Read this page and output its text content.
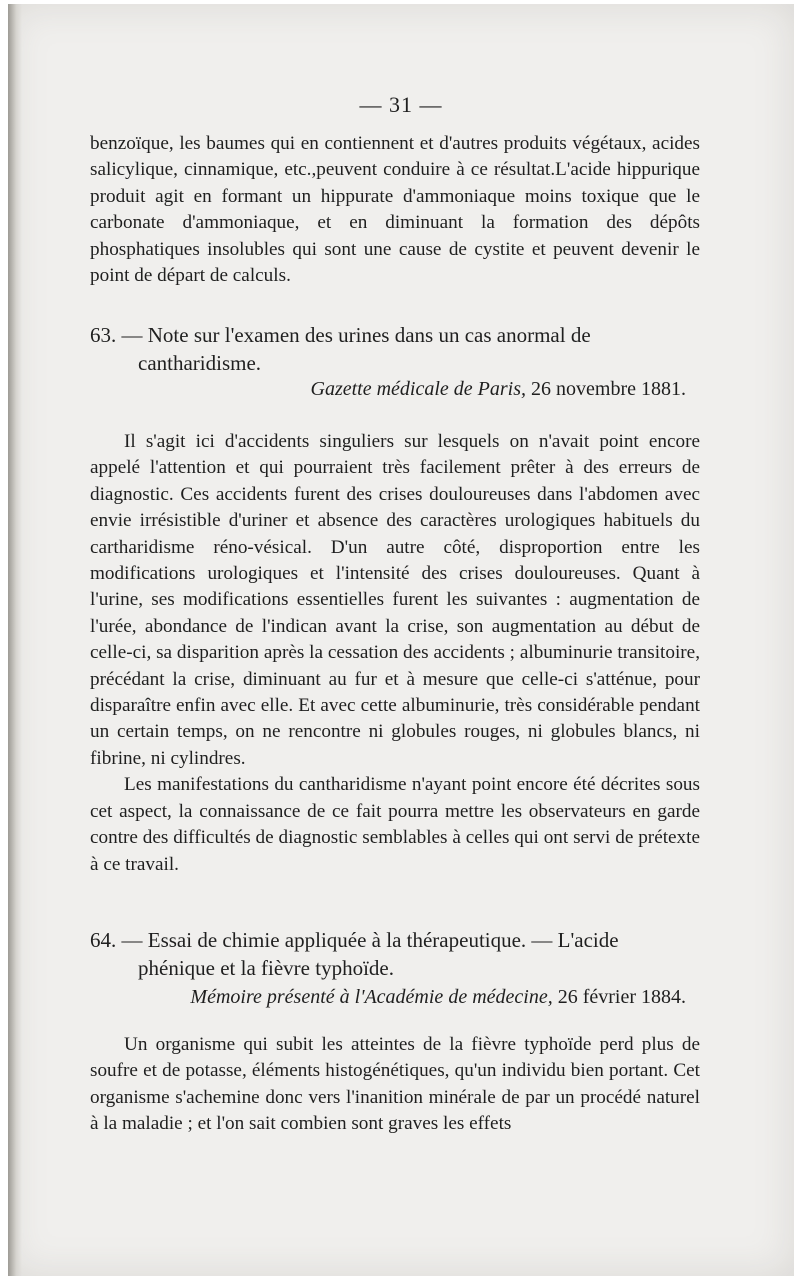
— 31 —

benzoïque, les baumes qui en contiennent et d'autres produits végétaux, acides salicylique, cinnamique, etc.,peuvent conduire à ce résultat.L'acide hippurique produit agit en formant un hippurate d'ammoniaque moins toxique que le carbonate d'ammoniaque, et en diminuant la formation des dépôts phosphatiques insolubles qui sont une cause de cystite et peuvent devenir le point de départ de calculs.

63. — Note sur l'examen des urines dans un cas anormal de cantharidisme.
Gazette médicale de Paris, 26 novembre 1881.

Il s'agit ici d'accidents singuliers sur lesquels on n'avait point encore appelé l'attention et qui pourraient très facilement prêter à des erreurs de diagnostic. Ces accidents furent des crises douloureuses dans l'abdomen avec envie irrésistible d'uriner et absence des caractères urologiques habituels du cartharidisme réno-vésical. D'un autre côté, disproportion entre les modifications urologiques et l'intensité des crises douloureuses. Quant à l'urine, ses modifications essentielles furent les suivantes : augmentation de l'urée, abondance de l'indican avant la crise, son augmentation au début de celle-ci, sa disparition après la cessation des accidents ; albuminurie transitoire, précédant la crise, diminuant au fur et à mesure que celle-ci s'atténue, pour disparaître enfin avec elle. Et avec cette albuminurie, très considérable pendant un certain temps, on ne rencontre ni globules rouges, ni globules blancs, ni fibrine, ni cylindres.

Les manifestations du cantharidisme n'ayant point encore été décrites sous cet aspect, la connaissance de ce fait pourra mettre les observateurs en garde contre des difficultés de diagnostic semblables à celles qui ont servi de prétexte à ce travail.

64. — Essai de chimie appliquée à la thérapeutique. — L'acide phénique et la fièvre typhoïde.
Mémoire présenté à l'Académie de médecine, 26 février 1884.

Un organisme qui subit les atteintes de la fièvre typhoïde perd plus de soufre et de potasse, éléments histogénétiques, qu'un individu bien portant. Cet organisme s'achemine donc vers l'inanition minérale de par un procédé naturel à la maladie ; et l'on sait combien sont graves les effets
